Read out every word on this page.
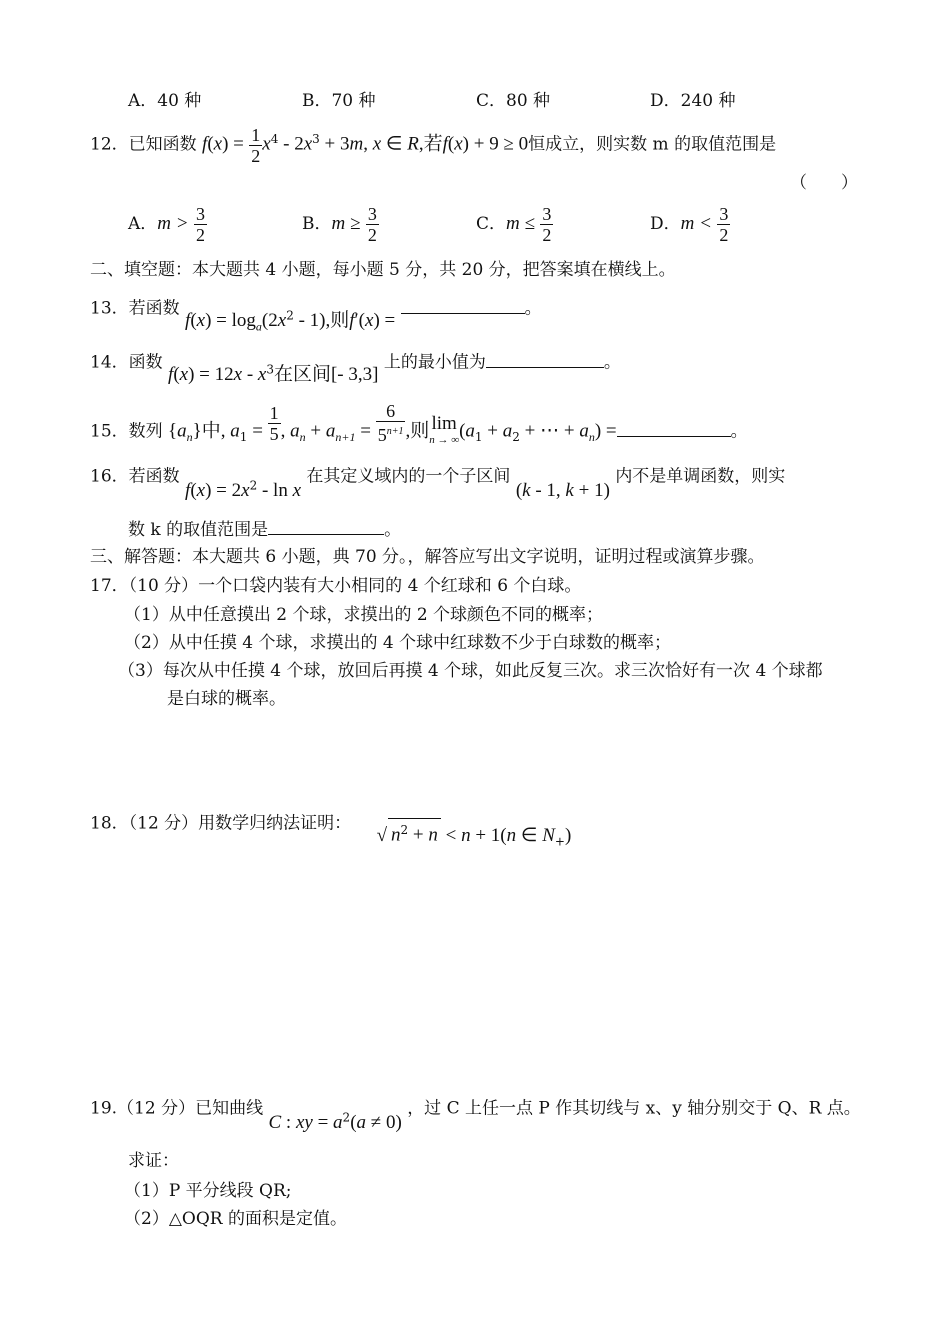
A．40 种	B．70 种	C．80 种	D．240 种
12．已知函数 $f(x) = \frac{1}{2} x^4 - 2x^3 + 3m$, x ∈ R,若f(x) + 9 ≥ 0恒成立，则实数 m 的取值范围是
（　　）
A．$m > \frac{3}{2}$	B．$m \ge \frac{3}{2}$	C．$m \le \frac{3}{2}$	D．$m < \frac{3}{2}$
二、填空题：本大题共 4 小题，每小题 5 分，共 20 分，把答案填在横线上。
13．若函数 $f(x) = \log_a(2x^2 - 1)$,则f′(x) = 。
14．函数 $f(x) = 12x - x^3$在区间[- 3,3] 上的最小值为	。
15．数列 $\{a_n\}$中, $a_1 = \frac{1}{5}$ , $a_n + a_{n+1} = \frac{6}{5^{n+1}}$ ,则 lim
n → ∞ ($a_1 + a_2$ + ⋯ + $a_n$) =	。
16．若函数 $f(x) = 2x^2 - \ln x$ 在其定义域内的一个子区间 (k - 1, k + 1) 内不是单调函数，则实
数 k 的取值范围是	。
三、解答题：本大题共 6 小题，典 70 分。，解答应写出文字说明，证明过程或演算步骤。
17．（10 分）一个口袋内装有大小相同的 4 个红球和 6 个白球。
（1）从中任意摸出 2 个球，求摸出的 2 个球颜色不同的概率；
（2）从中任摸 4 个球，求摸出的 4 个球中红球数不少于白球数的概率；
（3）每次从中任摸 4 个球，放回后再摸 4 个球，如此反复三次。求三次恰好有一次 4 个球都
是白球的概率。
18．（12 分）用数学归纳法证明： √ $n^2 + n < n + 1(n$ ∈ $N_+$)
19.（12 分）已知曲线 C : xy = $a^2(a \ne 0)$ ，过 C 上任一点 P 作其切线与 x、y 轴分别交于 Q、R 点。
求证：
（1）P 平分线段 QR;
（2）△OQR 的面积是定值。
